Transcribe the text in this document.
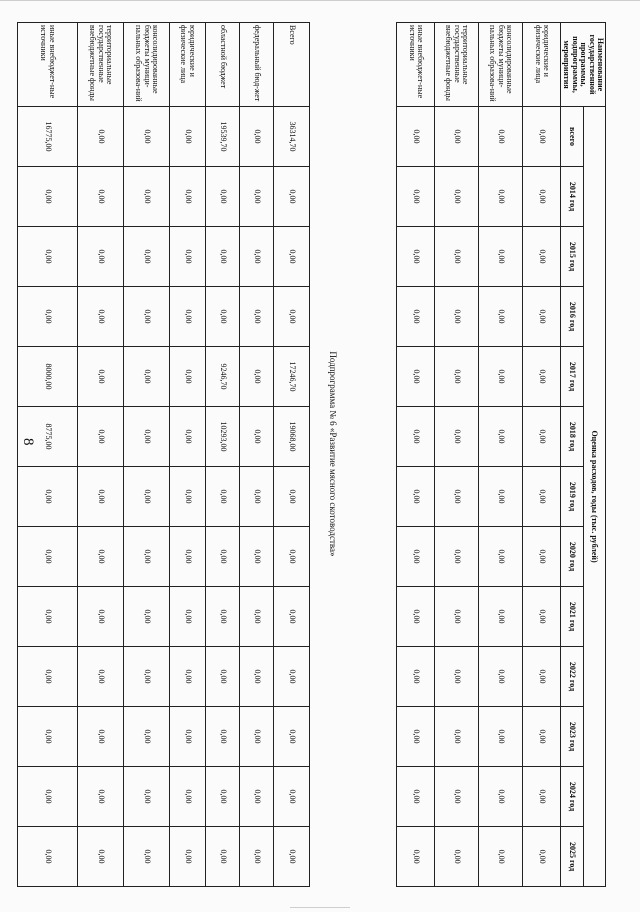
8
Наименование государственной программы, подпрограммы, мероприятия	Оценка расходов, годы (тыс. рублей)												
	всего	2014 год	2015 год	2016 год	2017 год	2018 год	2019 год	2020 год	2021 год	2022 год	2023 год	2024 год	2025 год
юридические и физические лица	0,00	0,00	0,00	0,00	0,00	0,00	0,00	0,00	0,00	0,00	0,00	0,00	0,00
консолидированные бюджеты муници-пальных образова-ний	0,00	0,00	0,00	0,00	0,00	0,00	0,00	0,00	0,00	0,00	0,00	0,00	0,00
территориальные государственные внебюджетные фонды	0,00	0,00	0,00	0,00	0,00	0,00	0,00	0,00	0,00	0,00	0,00	0,00	0,00
иные внебюджет-ные источники	0,00	0,00	0,00	0,00	0,00	0,00	0,00	0,00	0,00	0,00	0,00	0,00	0,00
Подпрограмма № 6 «Развитие мясного скотоводства»
Всего	36314,70	0,00	0,00	0,00	17246,70	19068,00	0,00	0,00	0,00	0,00	0,00	0,00	0,00
федеральный бюд-жет	0,00	0,00	0,00	0,00	0,00	0,00	0,00	0,00	0,00	0,00	0,00	0,00	0,00
областной бюджет	19539,70	0,00	0,00	0,00	9246,70	10293,00	0,00	0,00	0,00	0,00	0,00	0,00	0,00
юридические и физические лица	0,00	0,00	0,00	0,00	0,00	0,00	0,00	0,00	0,00	0,00	0,00	0,00	0,00
консолидированные бюджеты муници-пальных образова-ний	0,00	0,00	0,00	0,00	0,00	0,00	0,00	0,00	0,00	0,00	0,00	0,00	0,00
территориальные государственные внебюджетные фонды	0,00	0,00	0,00	0,00	0,00	0,00	0,00	0,00	0,00	0,00	0,00	0,00	0,00
иные внебюджет-ные источники	16775,00	0,00	0,00	0,00	8000,00	8775,00	0,00	0,00	0,00	0,00	0,00	0,00	0,00
